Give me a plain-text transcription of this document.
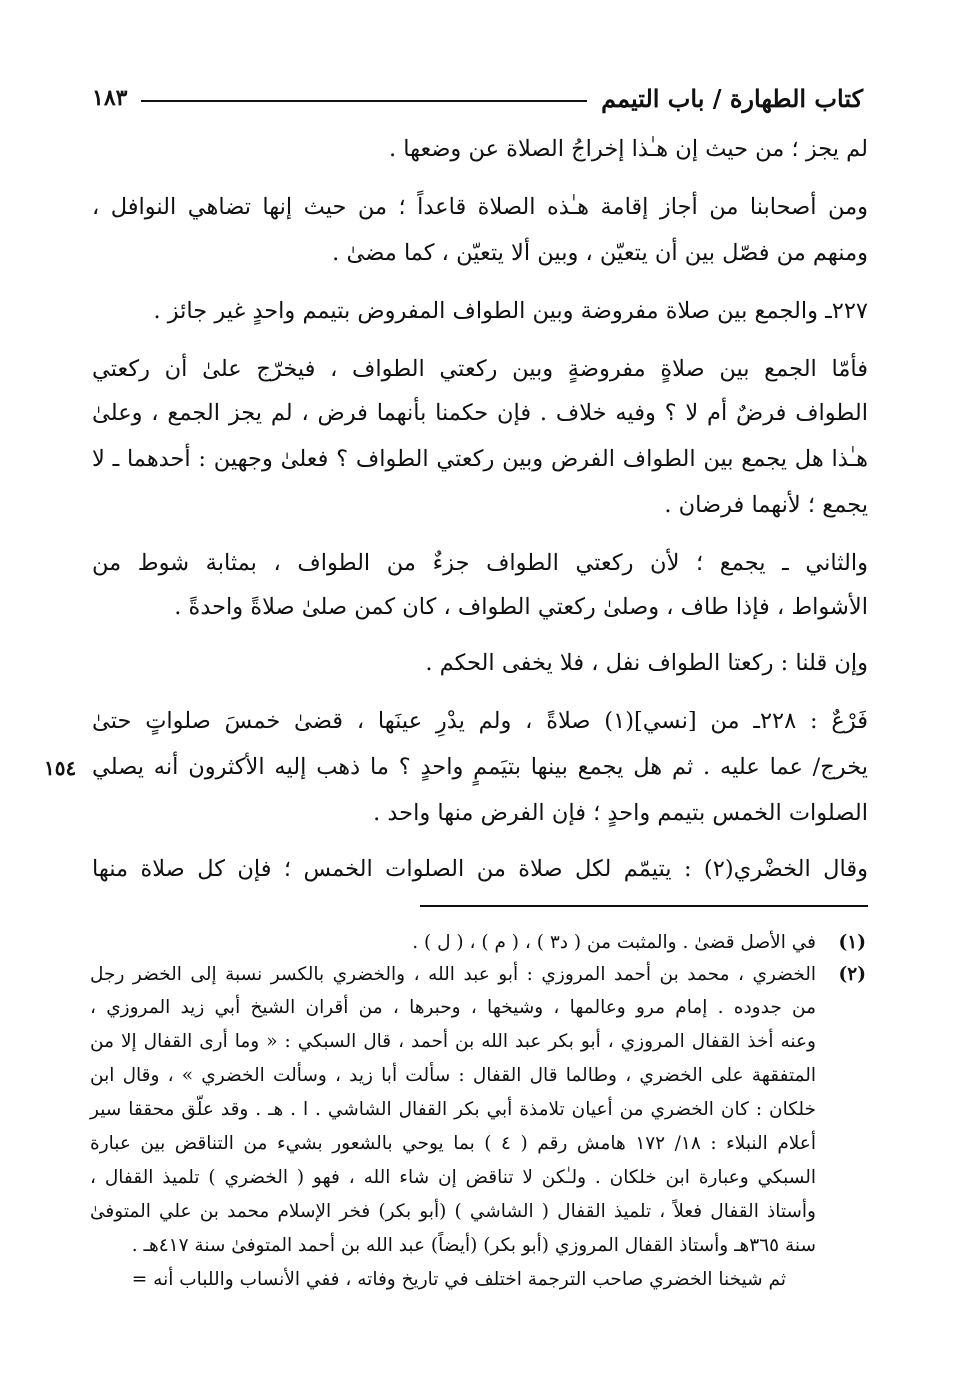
كتاب الطهارة / باب التيمم
١٨٣
١٥٤
لم يجز ؛ من حيث إن هـٰذا إخراجُ الصلاة عن وضعها .
ومن أصحابنا من أجاز إقامة هـٰذه الصلاة قاعداً ؛ من حيث إنها تضاهي النوافل ،
ومنهم من فصّل بين أن يتعيّن ، وبين ألا يتعيّن ، كما مضىٰ .
٢٢٧ـ والجمع بين صلاة مفروضة وبين الطواف المفروض بتيمم واحدٍ غير جائز .
فأمّا الجمع بين صلاةٍ مفروضةٍ وبين ركعتي الطواف ، فيخرّج علىٰ أن ركعتي
الطواف فرضٌ أم لا ؟ وفيه خلاف . فإن حكمنا بأنهما فرض ، لم يجز الجمع ، وعلىٰ
هـٰذا هل يجمع بين الطواف الفرض وبين ركعتي الطواف ؟ فعلىٰ وجهين : أحدهما ـ لا
يجمع ؛ لأنهما فرضان .
والثاني ـ يجمع ؛ لأن ركعتي الطواف جزءٌ من الطواف ، بمثابة شوط من
الأشواط ، فإذا طاف ، وصلىٰ ركعتي الطواف ، كان كمن صلىٰ صلاةً واحدةً .
وإن قلنا : ركعتا الطواف نفل ، فلا يخفى الحكم .
فَرْعٌ : ٢٢٨ـ من [نسي](١) صلاةً ، ولم يدْرِ عينَها ، قضىٰ خمسَ صلواتٍ حتىٰ
يخرج/ عما عليه . ثم هل يجمع بينها بتيَممٍ واحدٍ ؟ ما ذهب إليه الأكثرون أنه يصلي
الصلوات الخمس بتيمم واحدٍ ؛ فإن الفرض منها واحد .
وقال الخضْري(٢) : يتيمّم لكل صلاة من الصلوات الخمس ؛ فإن كل صلاة منها
(١)
في الأصل قضىٰ . والمثبت من ( د٣ ) ، ( م ) ، ( ل ) .
(٢)
الخضري ، محمد بن أحمد المروزي : أبو عبد الله ، والخضري بالكسر نسبة إلى الخضر رجل
من جدوده . إمام مرو وعالمها ، وشيخها ، وحبرها ، من أقران الشيخ أبي زيد المروزي ،
وعنه أخذ القفال المروزي ، أبو بكر عبد الله بن أحمد ، قال السبكي : « وما أرى القفال إلا من
المتفقهة على الخضري ، وطالما قال القفال : سألت أبا زيد ، وسألت الخضري » ، وقال ابن
خلكان : كان الخضري من أعيان تلامذة أبي بكر القفال الشاشي . ا . هـ . وقد علّق محققا سير
أعلام النبلاء : ١٨/ ١٧٢ هامش رقم ( ٤ ) بما يوحي بالشعور بشيء من التناقض بين عبارة
السبكي وعبارة ابن خلكان . ولـٰكن لا تناقض إن شاء الله ، فهو ( الخضري ) تلميذ القفال ،
وأستاذ القفال فعلاً ، تلميذ القفال ( الشاشي ) (أبو بكر) فخر الإسلام محمد بن علي المتوفىٰ
سنة ٣٦٥هـ وأستاذ القفال المروزي (أبو بكر) (أيضاً) عبد الله بن أحمد المتوفىٰ سنة ٤١٧هـ .
ثم شيخنا الخضري صاحب الترجمة اختلف في تاريخ وفاته ، ففي الأنساب واللباب أنه =
